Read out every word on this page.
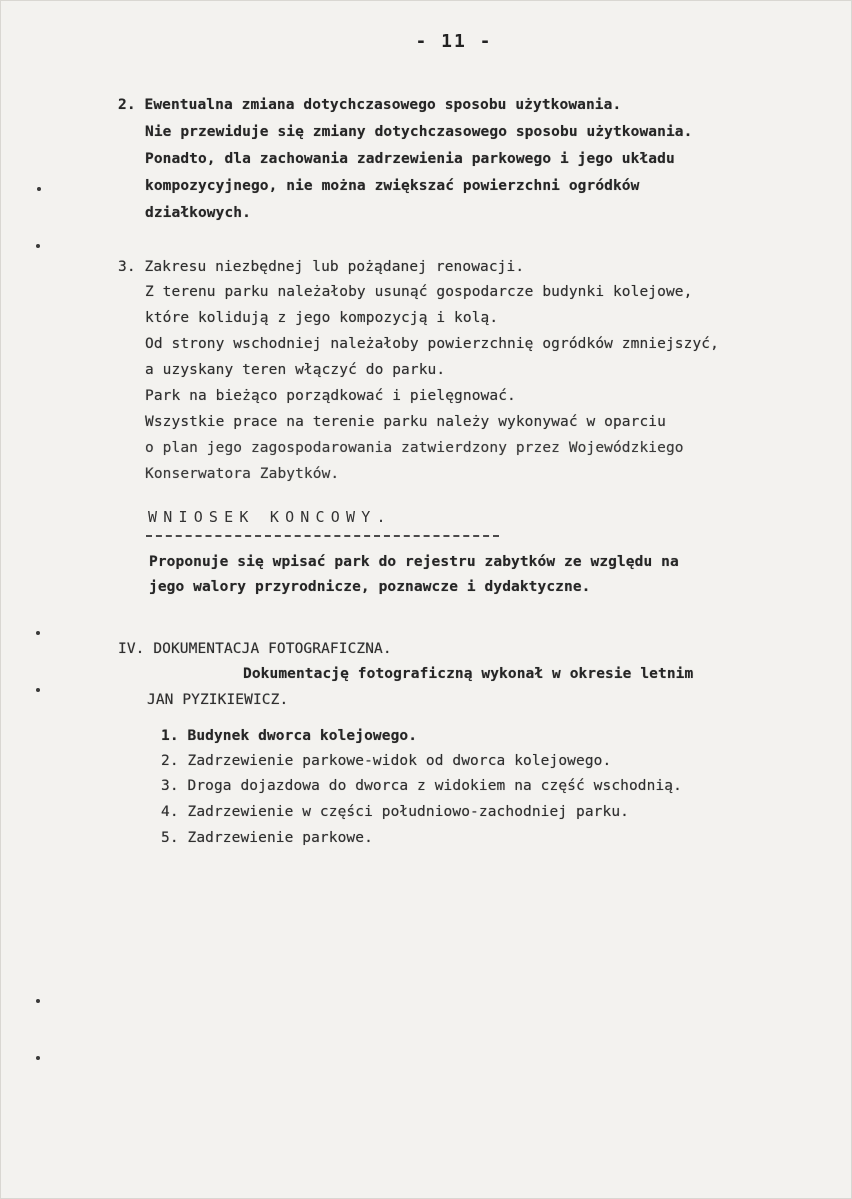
- 11 -
2. Ewentualna zmiana dotychczasowego sposobu użytkowania.
Nie przewiduje się zmiany dotychczasowego sposobu użytkowania.
Ponadto, dla zachowania zadrzewienia parkowego i jego układu
kompozycyjnego, nie można zwiększać powierzchni ogródków
działkowych.
3. Zakresu niezbędnej lub pożądanej renowacji.
Z terenu parku należałoby usunąć gospodarcze budynki kolejowe,
które kolidują z jego kompozycją i kolą.
Od strony wschodniej należałoby powierzchnię ogródków zmniejszyć,
a uzyskany teren włączyć do parku.
Park na bieżąco porządkować i pielęgnować.
Wszystkie prace na terenie parku należy wykonywać w oparciu
o plan jego zagospodarowania zatwierdzony przez Wojewódzkiego
Konserwatora Zabytków.
WNIOSEK KONCOWY.
Proponuje się wpisać park do rejestru zabytków ze względu na
jego walory przyrodnicze, poznawcze i dydaktyczne.
IV. DOKUMENTACJA FOTOGRAFICZNA.
Dokumentację fotograficzną wykonał w okresie letnim
JAN PYZIKIEWICZ.
1. Budynek dworca kolejowego.
2. Zadrzewienie parkowe-widok od dworca kolejowego.
3. Droga dojazdowa do dworca z widokiem na część wschodnią.
4. Zadrzewienie w części południowo-zachodniej parku.
5. Zadrzewienie parkowe.
